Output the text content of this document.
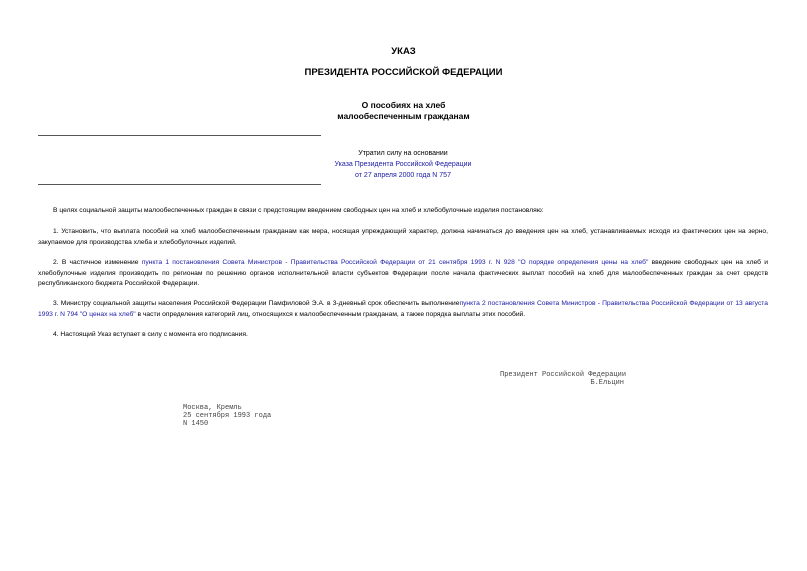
УКАЗ
ПРЕЗИДЕНТА РОССИЙСКОЙ ФЕДЕРАЦИИ
О пособиях на хлеб
малообеспеченным гражданам
Утратил силу на основании
Указа Президента Российской Федерации
от 27 апреля 2000 года N 757
В целях социальной защиты малообеспеченных граждан в связи с предстоящим введением свободных цен на хлеб и хлебобулочные изделия постановляю:
1. Установить, что выплата пособий на хлеб малообеспеченным гражданам как мера, носящая упреждающий характер, должна начинаться до введения цен на хлеб, устанавливаемых исходя из фактических цен на зерно, закупаемое для производства хлеба и хлебобулочных изделий.
2. В частичное изменение пункта 1 постановления Совета Министров - Правительства Российской Федерации от 21 сентября 1993 г. N 928 "О порядке определения цены на хлеб" введение свободных цен на хлеб и хлебобулочные изделия производить по регионам по решению органов исполнительной власти субъектов Федерации после начала фактических выплат пособий на хлеб для малообеспеченных граждан за счет средств республиканского бюджета Российской Федерации.
3. Министру социальной защиты населения Российской Федерации Памфиловой Э.А. в 3-дневный срок обеспечить выполнениепункта 2 постановления Совета Министров - Правительства Российской Федерации от 13 августа 1993 г. N 794 "О ценах на хлеб" в части определения категорий лиц, относящихся к малообеспеченным гражданам, а также порядка выплаты этих пособий.
4. Настоящий Указ вступает в силу с момента его подписания.
Президент Российской Федерации
Б.Ельцин
Москва, Кремль
25 сентября 1993 года
N 1450
